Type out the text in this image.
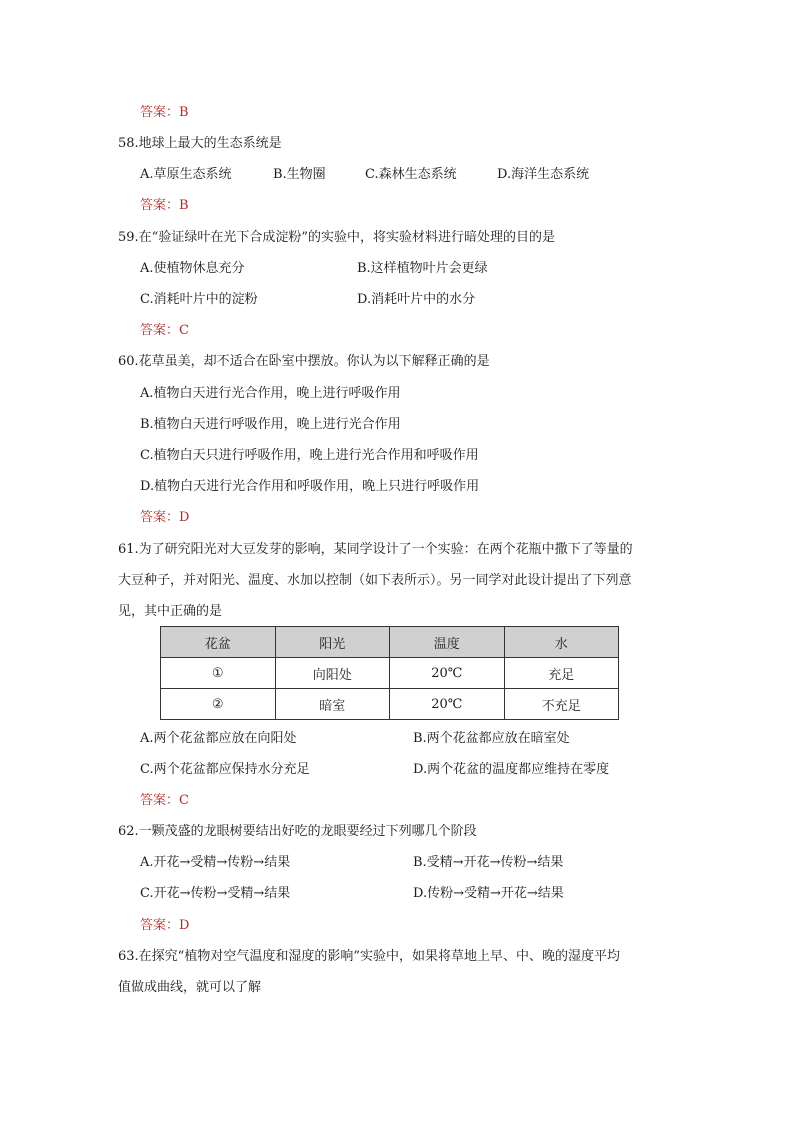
答案：B
58.地球上最大的生态系统是
A.草原生态系统	B.生物圈	C.森林生态系统	D.海洋生态系统
答案：B
59.在“验证绿叶在光下合成淀粉”的实验中，将实验材料进行暗处理的目的是
A.使植物休息充分	B.这样植物叶片会更绿
C.消耗叶片中的淀粉	D.消耗叶片中的水分
答案：C
60.花草虽美，却不适合在卧室中摆放。你认为以下解释正确的是
A.植物白天进行光合作用，晚上进行呼吸作用
B.植物白天进行呼吸作用，晚上进行光合作用
C.植物白天只进行呼吸作用，晚上进行光合作用和呼吸作用
D.植物白天进行光合作用和呼吸作用，晚上只进行呼吸作用
答案：D
61.为了研究阳光对大豆发芽的影响，某同学设计了一个实验：在两个花瓶中撒下了等量的
大豆种子，并对阳光、温度、水加以控制（如下表所示）。另一同学对此设计提出了下列意
见，其中正确的是
花盆	阳光	温度	水
①	向阳处	20℃	充足
②	暗室	20℃	不充足
A.两个花盆都应放在向阳处	B.两个花盆都应放在暗室处
C.两个花盆都应保持水分充足	D.两个花盆的温度都应维持在零度
答案：C
62.一颗茂盛的龙眼树要结出好吃的龙眼要经过下列哪几个阶段
A.开花→受精→传粉→结果	B.受精→开花→传粉→结果
C.开花→传粉→受精→结果	D.传粉→受精→开花→结果
答案：D
63.在探究“植物对空气温度和湿度的影响”实验中，如果将草地上早、中、晚的湿度平均
值做成曲线，就可以了解
